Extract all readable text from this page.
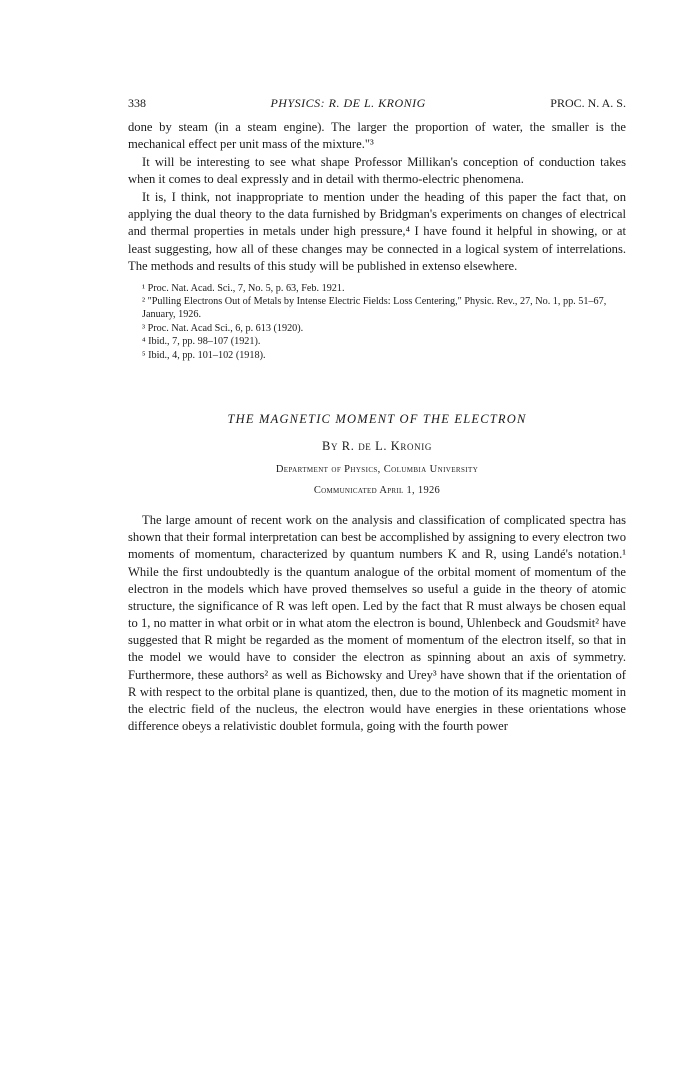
338	PHYSICS: R. DE L. KRONIG	PROC. N. A. S.

done by steam (in a steam engine). The larger the proportion of water, the smaller is the mechanical effect per unit mass of the mixture."³

It will be interesting to see what shape Professor Millikan's conception of conduction takes when it comes to deal expressly and in detail with thermo-electric phenomena.

It is, I think, not inappropriate to mention under the heading of this paper the fact that, on applying the dual theory to the data furnished by Bridgman's experiments on changes of electrical and thermal properties in metals under high pressure,⁴ I have found it helpful in showing, or at least suggesting, how all of these changes may be connected in a logical system of interrelations. The methods and results of this study will be published in extenso elsewhere.

¹ Proc. Nat. Acad. Sci., 7, No. 5, p. 63, Feb. 1921.

² "Pulling Electrons Out of Metals by Intense Electric Fields: Loss Centering," Physic. Rev., 27, No. 1, pp. 51–67, January, 1926.

³ Proc. Nat. Acad Sci., 6, p. 613 (1920).

⁴ Ibid., 7, pp. 98–107 (1921).

⁵ Ibid., 4, pp. 101–102 (1918).

THE MAGNETIC MOMENT OF THE ELECTRON
By R. de L. Kronig
Department of Physics, Columbia University
Communicated April 1, 1926

The large amount of recent work on the analysis and classification of complicated spectra has shown that their formal interpretation can best be accomplished by assigning to every electron two moments of momentum, characterized by quantum numbers K and R, using Landé's notation.¹ While the first undoubtedly is the quantum analogue of the orbital moment of momentum of the electron in the models which have proved themselves so useful a guide in the theory of atomic structure, the significance of R was left open. Led by the fact that R must always be chosen equal to 1, no matter in what orbit or in what atom the electron is bound, Uhlenbeck and Goudsmit² have suggested that R might be regarded as the moment of momentum of the electron itself, so that in the model we would have to consider the electron as spinning about an axis of symmetry. Furthermore, these authors² as well as Bichowsky and Urey³ have shown that if the orientation of R with respect to the orbital plane is quantized, then, due to the motion of its magnetic moment in the electric field of the nucleus, the electron would have energies in these orientations whose difference obeys a relativistic doublet formula, going with the fourth power
